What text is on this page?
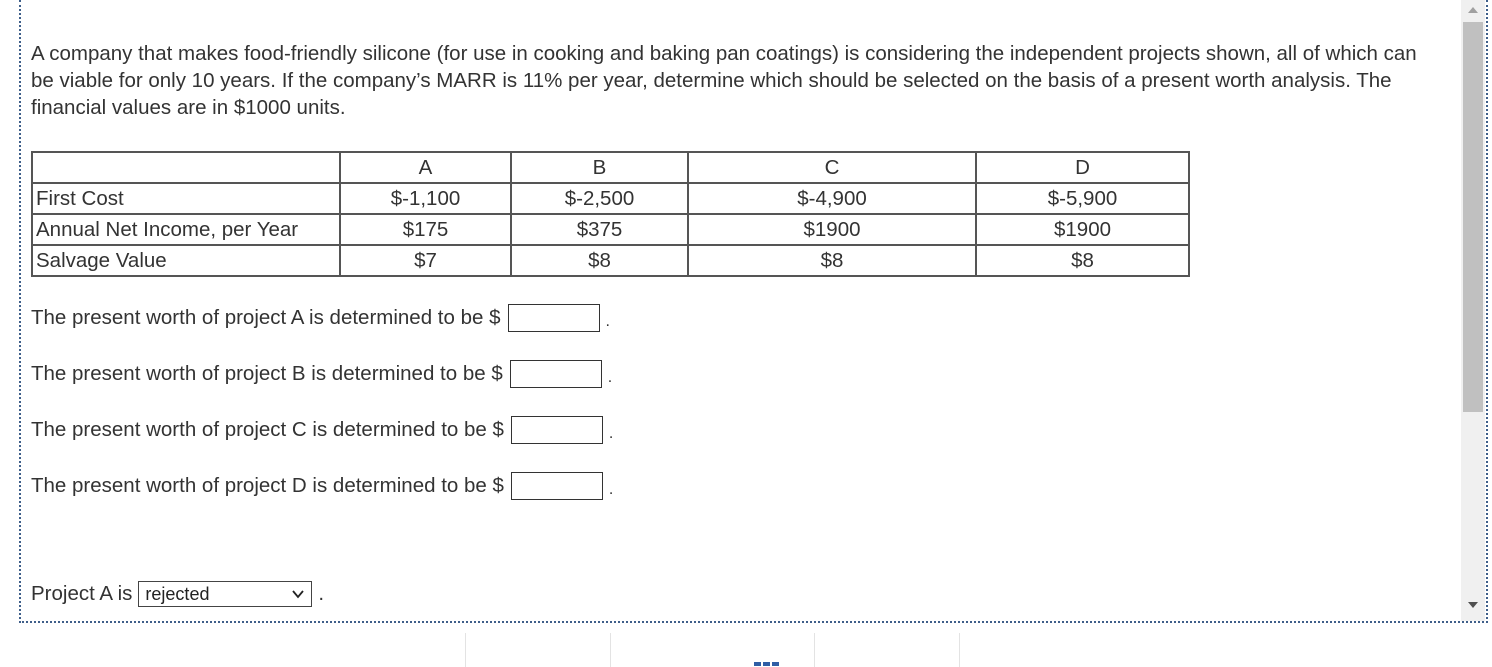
A company that makes food-friendly silicone (for use in cooking and baking pan coatings) is considering the independent projects shown, all of which can be viable for only 10 years. If the company’s MARR is 11% per year, determine which should be selected on the basis of a present worth analysis. The financial values are in $1000 units.
	A	B	C	D
First Cost	$-1,100	$-2,500	$-4,900	$-5,900
Annual Net Income, per Year	$175	$375	$1900	$1900
Salvage Value	$7	$8	$8	$8
The present worth of project A is determined to be $	.
The present worth of project B is determined to be $	.
The present worth of project C is determined to be $	.
The present worth of project D is determined to be $	.
Project A is rejected	.
